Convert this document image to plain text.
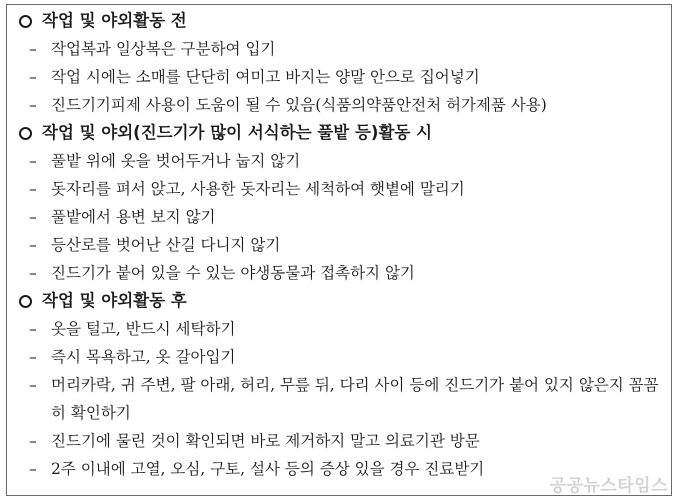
작업 및 야외활동 전
– 작업복과 일상복은 구분하여 입기
– 작업 시에는 소매를 단단히 여미고 바지는 양말 안으로 집어넣기
– 진드기기피제 사용이 도움이 될 수 있음(식품의약품안전처 허가제품 사용)
작업 및 야외(진드기가 많이 서식하는 풀밭 등)활동 시
– 풀밭 위에 옷을 벗어두거나 눕지 않기
– 돗자리를 펴서 앉고, 사용한 돗자리는 세척하여 햇볕에 말리기
– 풀밭에서 용변 보지 않기
– 등산로를 벗어난 산길 다니지 않기
– 진드기가 붙어 있을 수 있는 야생동물과 접촉하지 않기
작업 및 야외활동 후
– 옷을 털고, 반드시 세탁하기
– 즉시 목욕하고, 옷 갈아입기
– 머리카락, 귀 주변, 팔 아래, 허리, 무릎 뒤, 다리 사이 등에 진드기가 붙어 있지 않은지 꼼꼼히 확인하기
– 진드기에 물린 것이 확인되면 바로 제거하지 말고 의료기관 방문
– 2주 이내에 고열, 오심, 구토, 설사 등의 증상 있을 경우 진료받기
공공뉴스타임스
